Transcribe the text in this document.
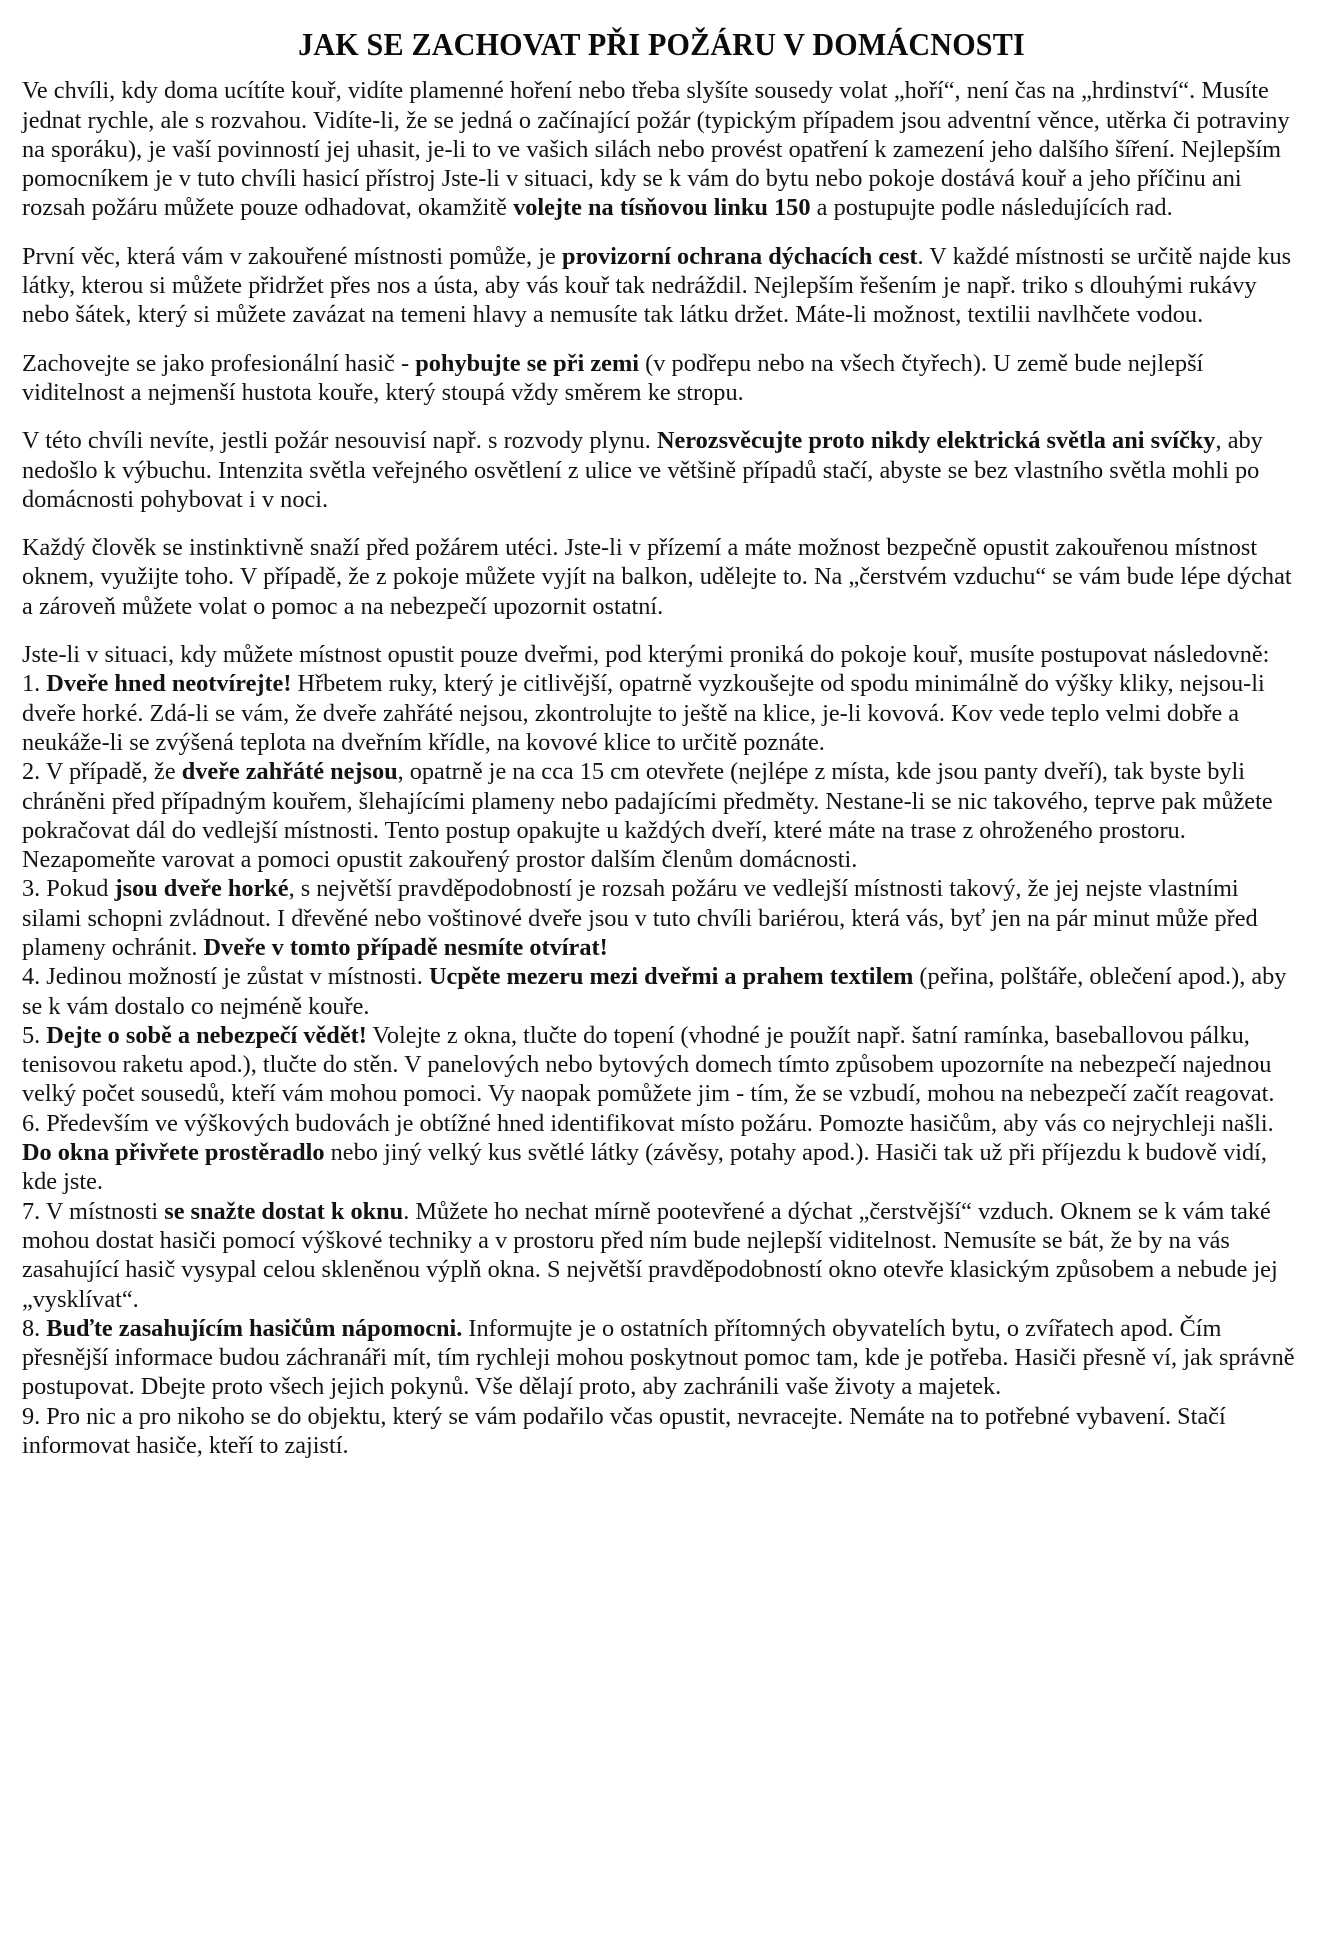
JAK SE ZACHOVAT PŘI POŽÁRU V DOMÁCNOSTI

Ve chvíli, kdy doma ucítíte kouř, vidíte plamenné hoření nebo třeba slyšíte sousedy volat „hoří“, není čas na „hrdinství“. Musíte jednat rychle, ale s rozvahou. Vidíte-li, že se jedná o začínající požár (typickým případem jsou adventní věnce, utěrka či potraviny na sporáku), je vaší povinností jej uhasit, je-li to ve vašich silách nebo provést opatření k zamezení jeho dalšího šíření. Nejlepším pomocníkem je v tuto chvíli hasicí přístroj Jste-li v situaci, kdy se k vám do bytu nebo pokoje dostává kouř a jeho příčinu ani rozsah požáru můžete pouze odhadovat, okamžitě volejte na tísňovou linku 150 a postupujte podle následujících rad.

První věc, která vám v zakouřené místnosti pomůže, je provizorní ochrana dýchacích cest. V každé místnosti se určitě najde kus látky, kterou si můžete přidržet přes nos a ústa, aby vás kouř tak nedráždil. Nejlepším řešením je např. triko s dlouhými rukávy nebo šátek, který si můžete zavázat na temeni hlavy a nemusíte tak látku držet. Máte-li možnost, textilii navlhčete vodou.

Zachovejte se jako profesionální hasič - pohybujte se při zemi (v podřepu nebo na všech čtyřech). U země bude nejlepší viditelnost a nejmenší hustota kouře, který stoupá vždy směrem ke stropu.

V této chvíli nevíte, jestli požár nesouvisí např. s rozvody plynu. Nerozsvěcujte proto nikdy elektrická světla ani svíčky, aby nedošlo k výbuchu. Intenzita světla veřejného osvětlení z ulice ve většině případů stačí, abyste se bez vlastního světla mohli po domácnosti pohybovat i v noci.

Každý člověk se instinktivně snaží před požárem utéci. Jste-li v přízemí a máte možnost bezpečně opustit zakouřenou místnost oknem, využijte toho. V případě, že z pokoje můžete vyjít na balkon, udělejte to. Na „čerstvém vzduchu“ se vám bude lépe dýchat a zároveň můžete volat o pomoc a na nebezpečí upozornit ostatní.

Jste-li v situaci, kdy můžete místnost opustit pouze dveřmi, pod kterými proniká do pokoje kouř, musíte postupovat následovně:

1. Dveře hned neotvírejte! Hřbetem ruky, který je citlivější, opatrně vyzkoušejte od spodu minimálně do výšky kliky, nejsou-li dveře horké. Zdá-li se vám, že dveře zahřáté nejsou, zkontrolujte to ještě na klice, je-li kovová. Kov vede teplo velmi dobře a neukáže-li se zvýšená teplota na dveřním křídle, na kovové klice to určitě poznáte.

2. V případě, že dveře zahřáté nejsou, opatrně je na cca 15 cm otevřete (nejlépe z místa, kde jsou panty dveří), tak byste byli chráněni před případným kouřem, šlehajícími plameny nebo padajícími předměty. Nestane-li se nic takového, teprve pak můžete pokračovat dál do vedlejší místnosti. Tento postup opakujte u každých dveří, které máte na trase z ohroženého prostoru. Nezapomeňte varovat a pomoci opustit zakouřený prostor dalším členům domácnosti.

3. Pokud jsou dveře horké, s největší pravděpodobností je rozsah požáru ve vedlejší místnosti takový, že jej nejste vlastními silami schopni zvládnout. I dřevěné nebo voštinové dveře jsou v tuto chvíli bariérou, která vás, byť jen na pár minut může před plameny ochránit. Dveře v tomto případě nesmíte otvírat!

4. Jedinou možností je zůstat v místnosti. Ucpěte mezeru mezi dveřmi a prahem textilem (peřina, polštáře, oblečení apod.), aby se k vám dostalo co nejméně kouře.

5. Dejte o sobě a nebezpečí vědět! Volejte z okna, tlučte do topení (vhodné je použít např. šatní ramínka, baseballovou pálku, tenisovou raketu apod.), tlučte do stěn. V panelových nebo bytových domech tímto způsobem upozorníte na nebezpečí najednou velký počet sousedů, kteří vám mohou pomoci. Vy naopak pomůžete jim - tím, že se vzbudí, mohou na nebezpečí začít reagovat.

6. Především ve výškových budovách je obtížné hned identifikovat místo požáru. Pomozte hasičům, aby vás co nejrychleji našli. Do okna přivřete prostěradlo nebo jiný velký kus světlé látky (závěsy, potahy apod.). Hasiči tak už při příjezdu k budově vidí, kde jste.

7. V místnosti se snažte dostat k oknu. Můžete ho nechat mírně pootevřené a dýchat „čerstvější“ vzduch. Oknem se k vám také mohou dostat hasiči pomocí výškové techniky a v prostoru před ním bude nejlepší viditelnost. Nemusíte se bát, že by na vás zasahující hasič vysypal celou skleněnou výplň okna. S největší pravděpodobností okno otevře klasickým způsobem a nebude jej „vysklívat“.

8. Buďte zasahujícím hasičům nápomocni. Informujte je o ostatních přítomných obyvatelích bytu, o zvířatech apod. Čím přesnější informace budou záchranáři mít, tím rychleji mohou poskytnout pomoc tam, kde je potřeba. Hasiči přesně ví, jak správně postupovat. Dbejte proto všech jejich pokynů. Vše dělají proto, aby zachránili vaše životy a majetek.

9. Pro nic a pro nikoho se do objektu, který se vám podařilo včas opustit, nevracejte. Nemáte na to potřebné vybavení. Stačí informovat hasiče, kteří to zajistí.
